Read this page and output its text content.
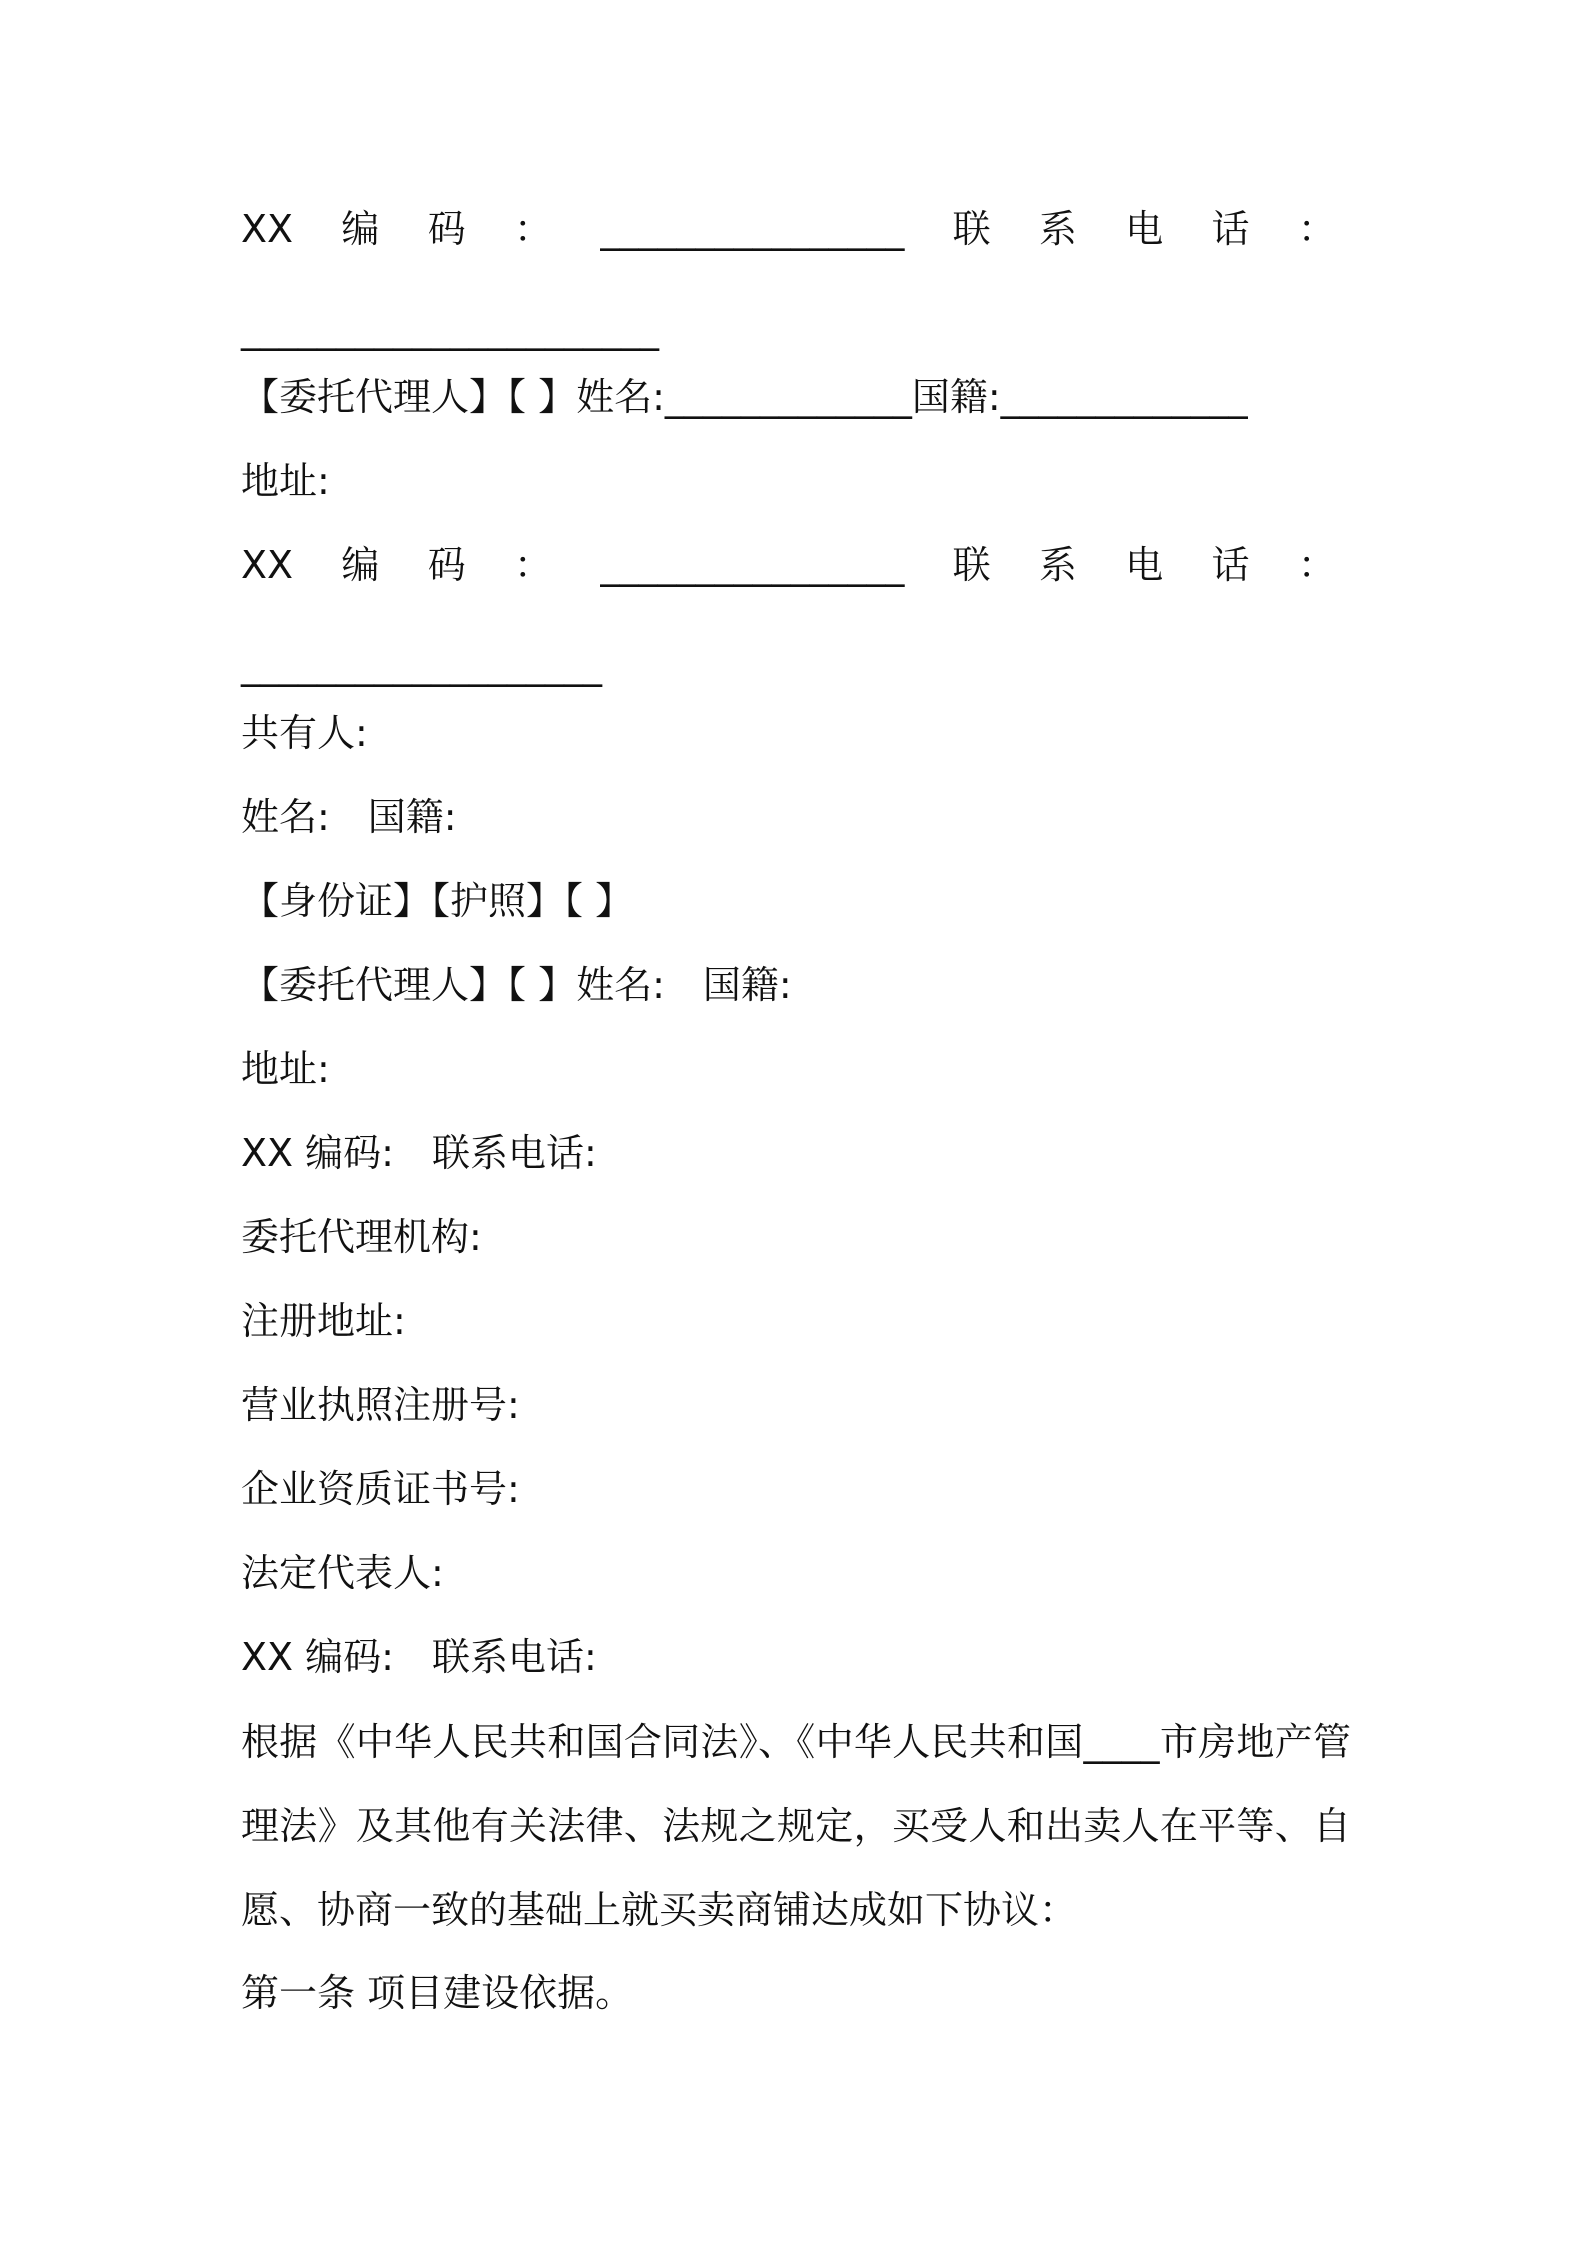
XX 编 码 ： ________________ 联 系 电 话 ：
______________________
【委托代理人】【 】姓名:_____________国籍:_____________
地址:
XX 编 码 ： ________________ 联 系 电 话 ：
___________________
共有人:
姓名:　国籍:
【身份证】【护照】【 】
【委托代理人】【 】姓名:　国籍:
地址:
XX 编码:　联系电话:
委托代理机构:
注册地址:
营业执照注册号:
企业资质证书号:
法定代表人:
XX 编码:　联系电话:
根据《中华人民共和国合同法》、《中华人民共和国____市房地产管理法》及其他有关法律、法规之规定，买受人和出卖人在平等、自愿、协商一致的基础上就买卖商铺达成如下协议：
第一条 项目建设依据。
